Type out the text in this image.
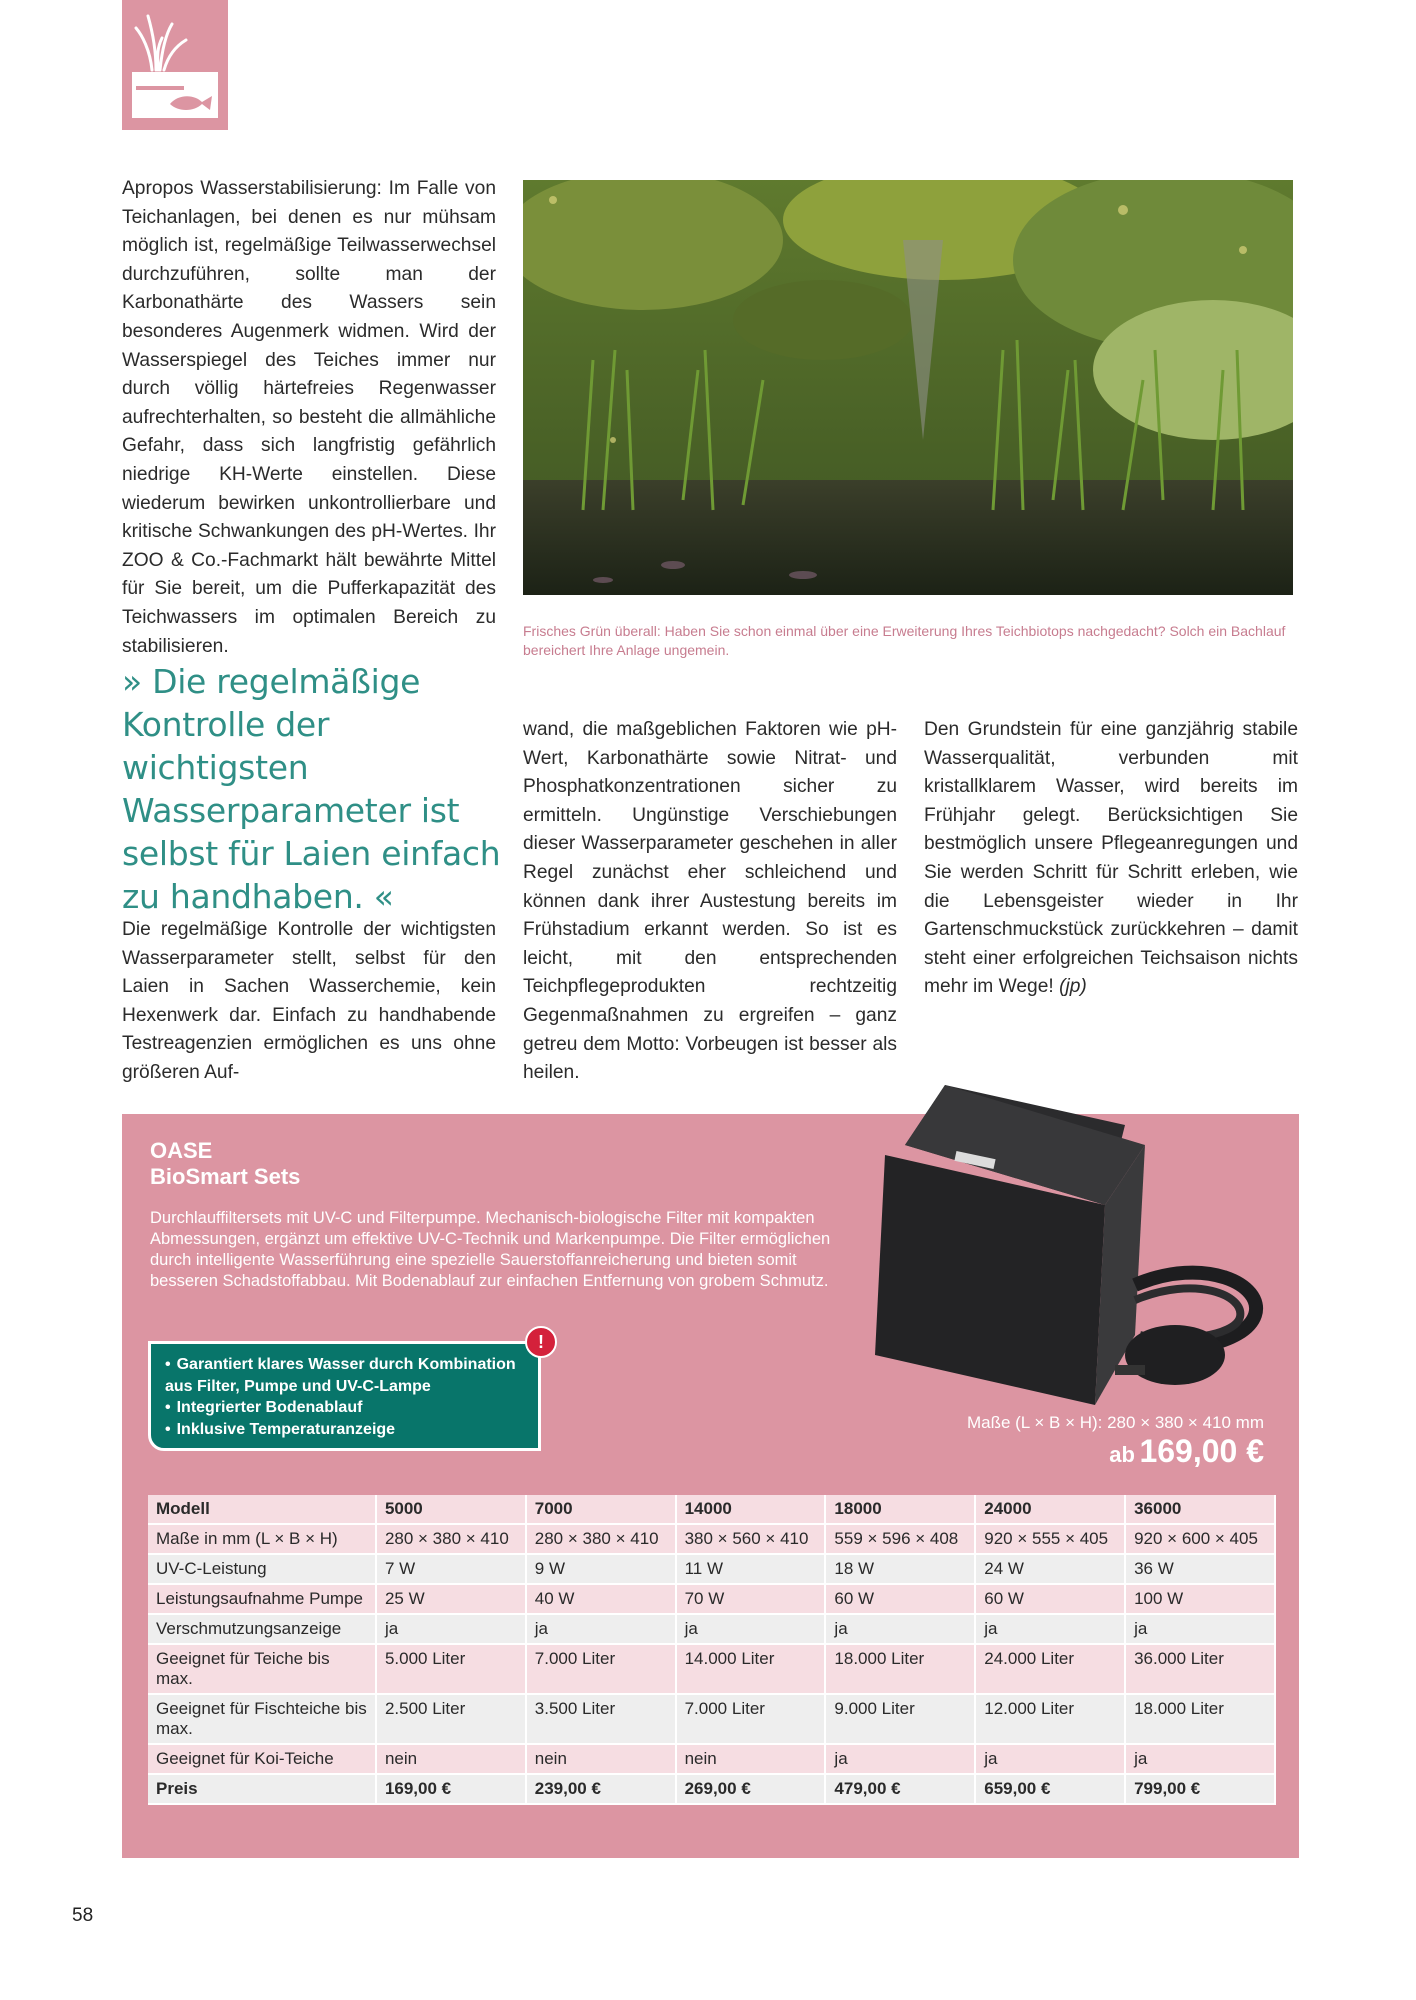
Apropos Wasserstabilisierung: Im Falle von Teichanlagen, bei denen es nur mühsam möglich ist, regelmäßige Teilwasserwechsel durchzuführen, sollte man der Karbonathärte des Wassers sein besonderes Augenmerk widmen. Wird der Wasserspiegel des Teiches immer nur durch völlig härtefreies Regenwasser aufrechterhalten, so besteht die allmähliche Gefahr, dass sich langfristig gefährlich niedrige KH-Werte einstellen. Diese wiederum bewirken unkontrollierbare und kritische Schwankungen des pH-Wertes. Ihr ZOO & Co.-Fachmarkt hält bewährte Mittel für Sie bereit, um die Pufferkapazität des Teichwassers im optimalen Bereich zu stabilisieren.
Frisches Grün überall: Haben Sie schon einmal über eine Erweiterung Ihres Teichbiotops nachgedacht? Solch ein Bachlauf bereichert Ihre Anlage ungemein.
» Die regelmäßige Kontrolle der wichtigsten Wasserparameter ist selbst für Laien einfach zu handhaben. «
Die regelmäßige Kontrolle der wichtigsten Wasserparameter stellt, selbst für den Laien in Sachen Wasserchemie, kein Hexenwerk dar. Einfach zu handhabende Testreagenzien ermöglichen es uns ohne größeren Auf-
wand, die maßgeblichen Faktoren wie pH-Wert, Karbonathärte sowie Nitrat- und Phosphatkonzentrationen sicher zu ermitteln. Ungünstige Verschiebungen dieser Wasserparameter geschehen in aller Regel zunächst eher schleichend und können dank ihrer Austestung bereits im Frühstadium erkannt werden. So ist es leicht, mit den entsprechenden Teichpflegeprodukten rechtzeitig Gegenmaßnahmen zu ergreifen – ganz getreu dem Motto: Vorbeugen ist besser als heilen.
Den Grundstein für eine ganzjährig stabile Wasserqualität, verbunden mit kristallklarem Wasser, wird bereits im Frühjahr gelegt. Berücksichtigen Sie bestmöglich unsere Pflegeanregungen und Sie werden Schritt für Schritt erleben, wie die Lebensgeister wieder in Ihr Gartenschmuckstück zurückkehren – damit steht einer erfolgreichen Teichsaison nichts mehr im Wege! (jp)
OASE
BioSmart Sets
Durchlauffiltersets mit UV-C und Filterpumpe. Mechanisch-biologische Filter mit kompakten Abmessungen, ergänzt um effektive UV-C-Technik und Markenpumpe. Die Filter ermöglichen durch intelligente Wasserführung eine spezielle Sauerstoffanreicherung und bieten somit besseren Schadstoffabbau. Mit Bodenablauf zur einfachen Entfernung von grobem Schmutz.
• Garantiert klares Wasser durch Kombination aus Filter, Pumpe und UV-C-Lampe
• Integrierter Bodenablauf
• Inklusive Temperaturanzeige
!
Maße (L × B × H): 280 × 380 × 410 mm
ab 169,00 €
Modell	5000	7000	14000	18000	24000	36000
Maße in mm (L × B × H)	280 × 380 × 410	280 × 380 × 410	380 × 560 × 410	559 × 596 × 408	920 × 555 × 405	920 × 600 × 405
UV-C-Leistung	7 W	9 W	11 W	18 W	24 W	36 W
Leistungsaufnahme Pumpe	25 W	40 W	70 W	60 W	60 W	100 W
Verschmutzungsanzeige	ja	ja	ja	ja	ja	ja
Geeignet für Teiche bis max.	5.000 Liter	7.000 Liter	14.000 Liter	18.000 Liter	24.000 Liter	36.000 Liter
Geeignet für Fischteiche bis max.	2.500 Liter	3.500 Liter	7.000 Liter	9.000 Liter	12.000 Liter	18.000 Liter
Geeignet für Koi-Teiche	nein	nein	nein	ja	ja	ja
Preis	169,00 €	239,00 €	269,00 €	479,00 €	659,00 €	799,00 €
58
